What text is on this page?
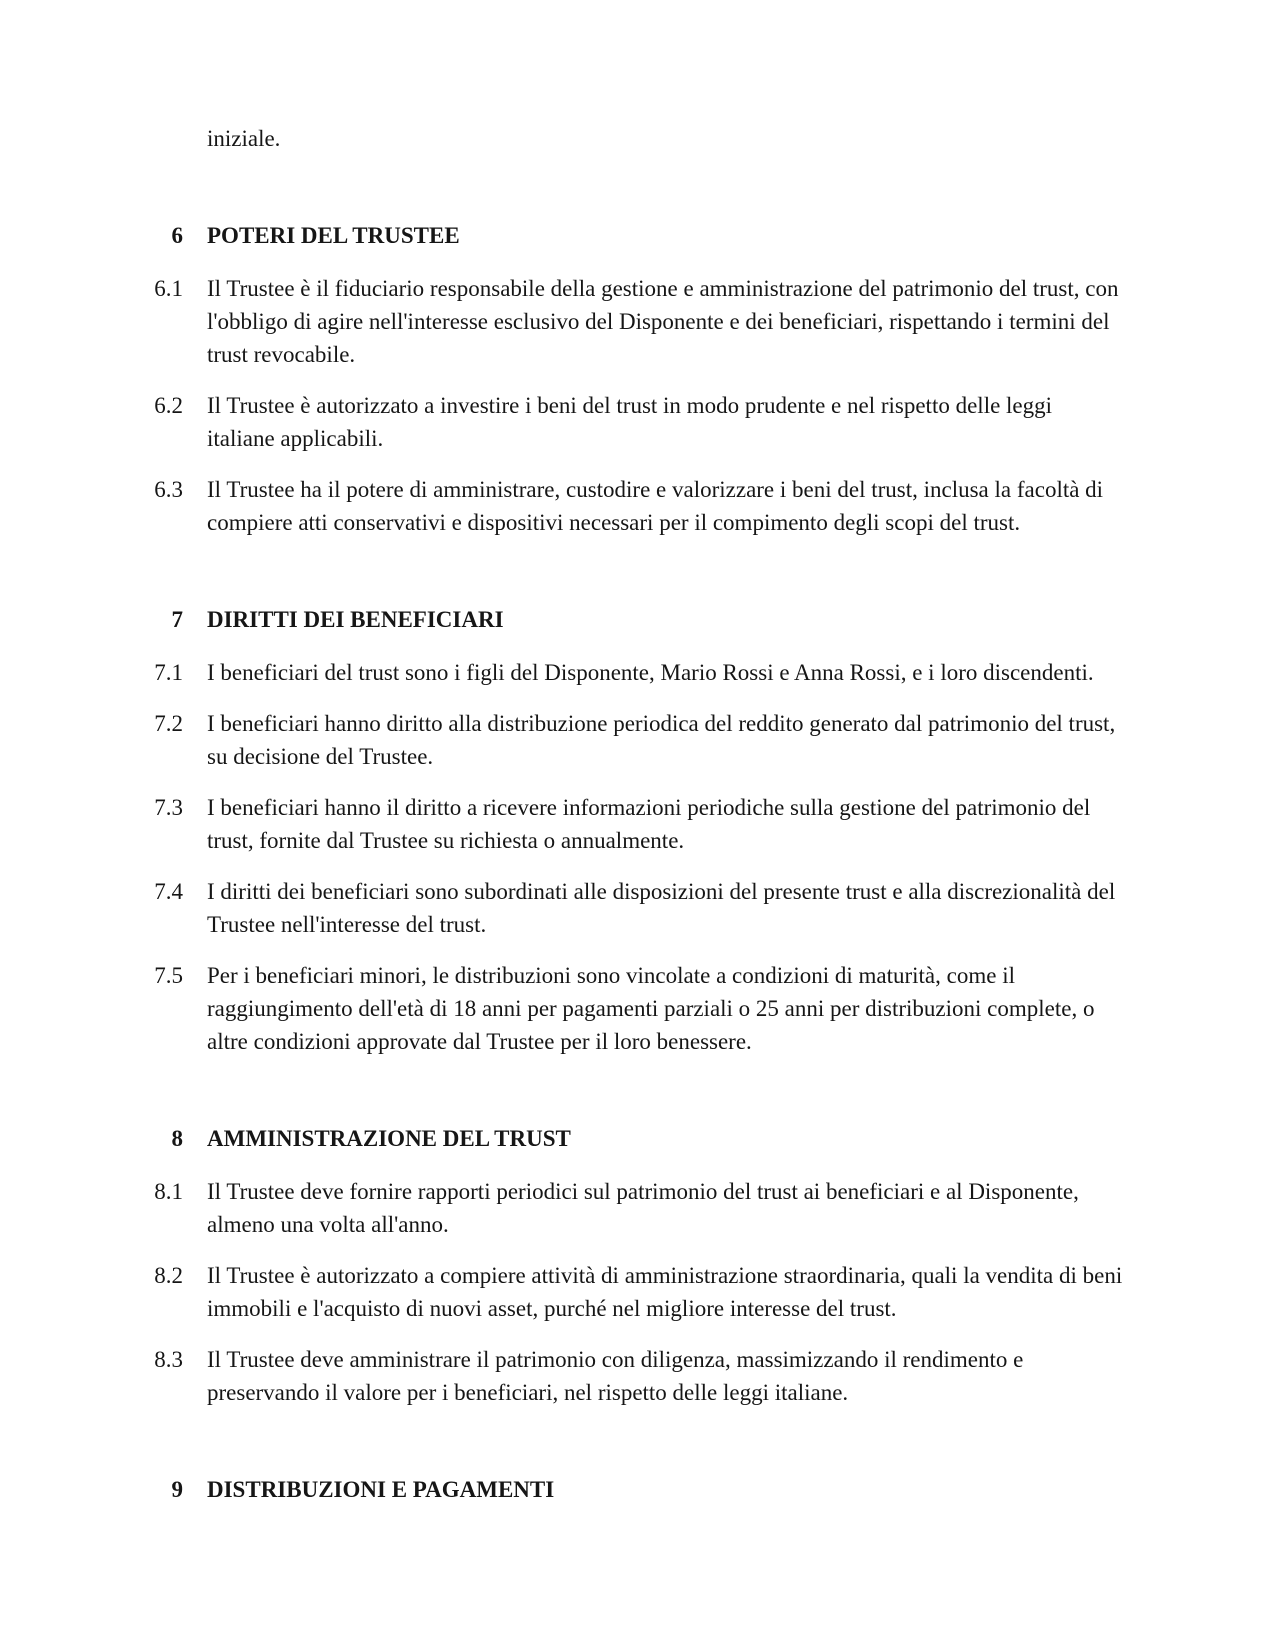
iniziale.

6	POTERI DEL TRUSTEE
6.1	Il Trustee è il fiduciario responsabile della gestione e amministrazione del patrimonio del trust, con l'obbligo di agire nell'interesse esclusivo del Disponente e dei beneficiari, rispettando i termini del trust revocabile.
6.2	Il Trustee è autorizzato a investire i beni del trust in modo prudente e nel rispetto delle leggi italiane applicabili.
6.3	Il Trustee ha il potere di amministrare, custodire e valorizzare i beni del trust, inclusa la facoltà di compiere atti conservativi e dispositivi necessari per il compimento degli scopi del trust.
7	DIRITTI DEI BENEFICIARI
7.1	I beneficiari del trust sono i figli del Disponente, Mario Rossi e Anna Rossi, e i loro discendenti.
7.2	I beneficiari hanno diritto alla distribuzione periodica del reddito generato dal patrimonio del trust, su decisione del Trustee.
7.3	I beneficiari hanno il diritto a ricevere informazioni periodiche sulla gestione del patrimonio del trust, fornite dal Trustee su richiesta o annualmente.
7.4	I diritti dei beneficiari sono subordinati alle disposizioni del presente trust e alla discrezionalità del Trustee nell'interesse del trust.
7.5	Per i beneficiari minori, le distribuzioni sono vincolate a condizioni di maturità, come il raggiungimento dell'età di 18 anni per pagamenti parziali o 25 anni per distribuzioni complete, o altre condizioni approvate dal Trustee per il loro benessere.
8	AMMINISTRAZIONE DEL TRUST
8.1	Il Trustee deve fornire rapporti periodici sul patrimonio del trust ai beneficiari e al Disponente, almeno una volta all'anno.
8.2	Il Trustee è autorizzato a compiere attività di amministrazione straordinaria, quali la vendita di beni immobili e l'acquisto di nuovi asset, purché nel migliore interesse del trust.
8.3	Il Trustee deve amministrare il patrimonio con diligenza, massimizzando il rendimento e preservando il valore per i beneficiari, nel rispetto delle leggi italiane.
9	DISTRIBUZIONI E PAGAMENTI
